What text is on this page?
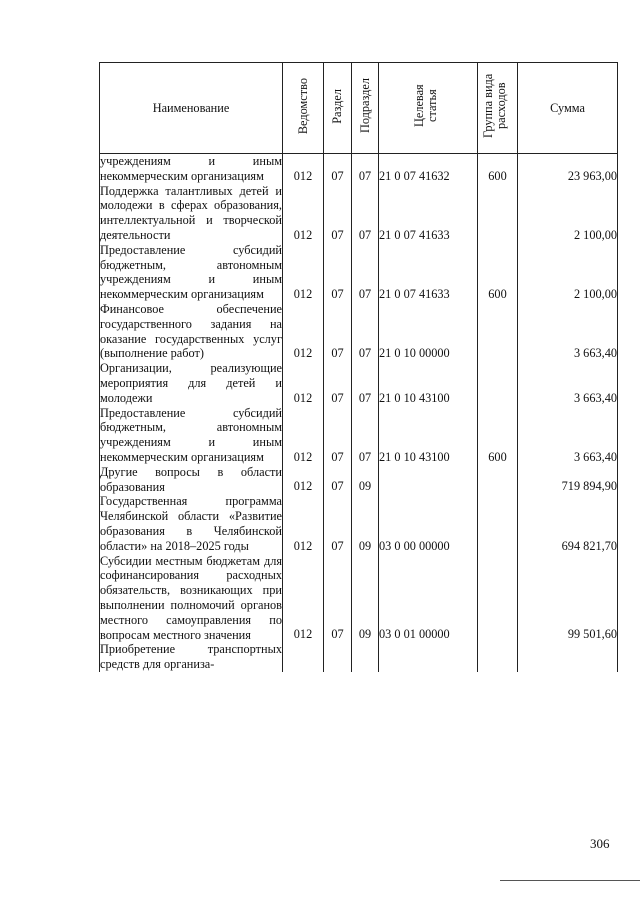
Наименование	Ведомство	Раздел	Подраздел	Целевая статья	Группа вида расходов	Сумма
учреждениям и иным некоммерческим организациям	012	07	07	21 0 07 41632	600	23 963,00
Поддержка талантливых детей и молодежи в сферах образования, интеллектуальной и творческой деятельности	012	07	07	21 0 07 41633		2 100,00
Предоставление субсидий бюджетным, автономным учреждениям и иным некоммерческим организациям	012	07	07	21 0 07 41633	600	2 100,00
Финансовое обеспечение государственного задания на оказание государственных услуг (выполнение работ)	012	07	07	21 0 10 00000		3 663,40
Организации, реализующие мероприятия для детей и молодежи	012	07	07	21 0 10 43100		3 663,40
Предоставление субсидий бюджетным, автономным учреждениям и иным некоммерческим организациям	012	07	07	21 0 10 43100	600	3 663,40
Другие вопросы в области образования	012	07	09			719 894,90
Государственная программа Челябинской области «Развитие образования в Челябинской области» на 2018–2025 годы	012	07	09	03 0 00 00000		694 821,70
Субсидии местным бюджетам для софинансирования расходных обязательств, возникающих при выполнении полномочий органов местного самоуправления по вопросам местного значения	012	07	09	03 0 01 00000		99 501,60
Приобретение транспортных средств для организа-						
306
